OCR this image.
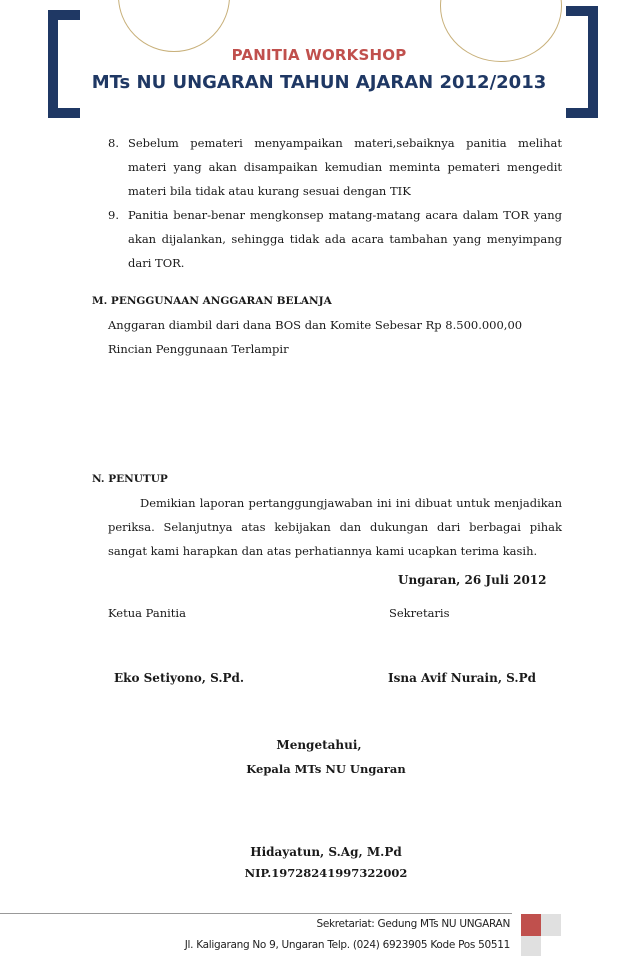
PANITIA WORKSHOP
MTs NU UNGARAN TAHUN AJARAN 2012/2013
8. Sebelum pemateri menyampaikan materi,sebaiknya panitia melihat
materi yang akan disampaikan kemudian meminta pemateri mengedit
materi bila tidak atau kurang sesuai dengan TIK
9. Panitia benar-benar mengkonsep matang-matang acara dalam TOR yang
akan dijalankan, sehingga tidak ada acara tambahan yang menyimpang
dari TOR.
M. PENGGUNAAN ANGGARAN BELANJA
Anggaran diambil dari dana BOS dan Komite Sebesar Rp 8.500.000,00
Rincian Penggunaan Terlampir
N. PENUTUP
Demikian laporan pertanggungjawaban ini ini dibuat untuk menjadikan
periksa. Selanjutnya atas kebijakan dan dukungan dari berbagai pihak
sangat kami harapkan dan atas perhatiannya kami ucapkan terima kasih.
Ungaran, 26 Juli 2012
Ketua Panitia	Sekretaris
Eko Setiyono, S.Pd.	Isna Avif Nurain, S.Pd
Mengetahui,
Kepala MTs NU Ungaran
Hidayatun, S.Ag, M.Pd
NIP.19728241997322002
Sekretariat: Gedung MTs NU UNGARAN
Jl. Kaligarang No 9, Ungaran Telp. (024) 6923905 Kode Pos 50511
